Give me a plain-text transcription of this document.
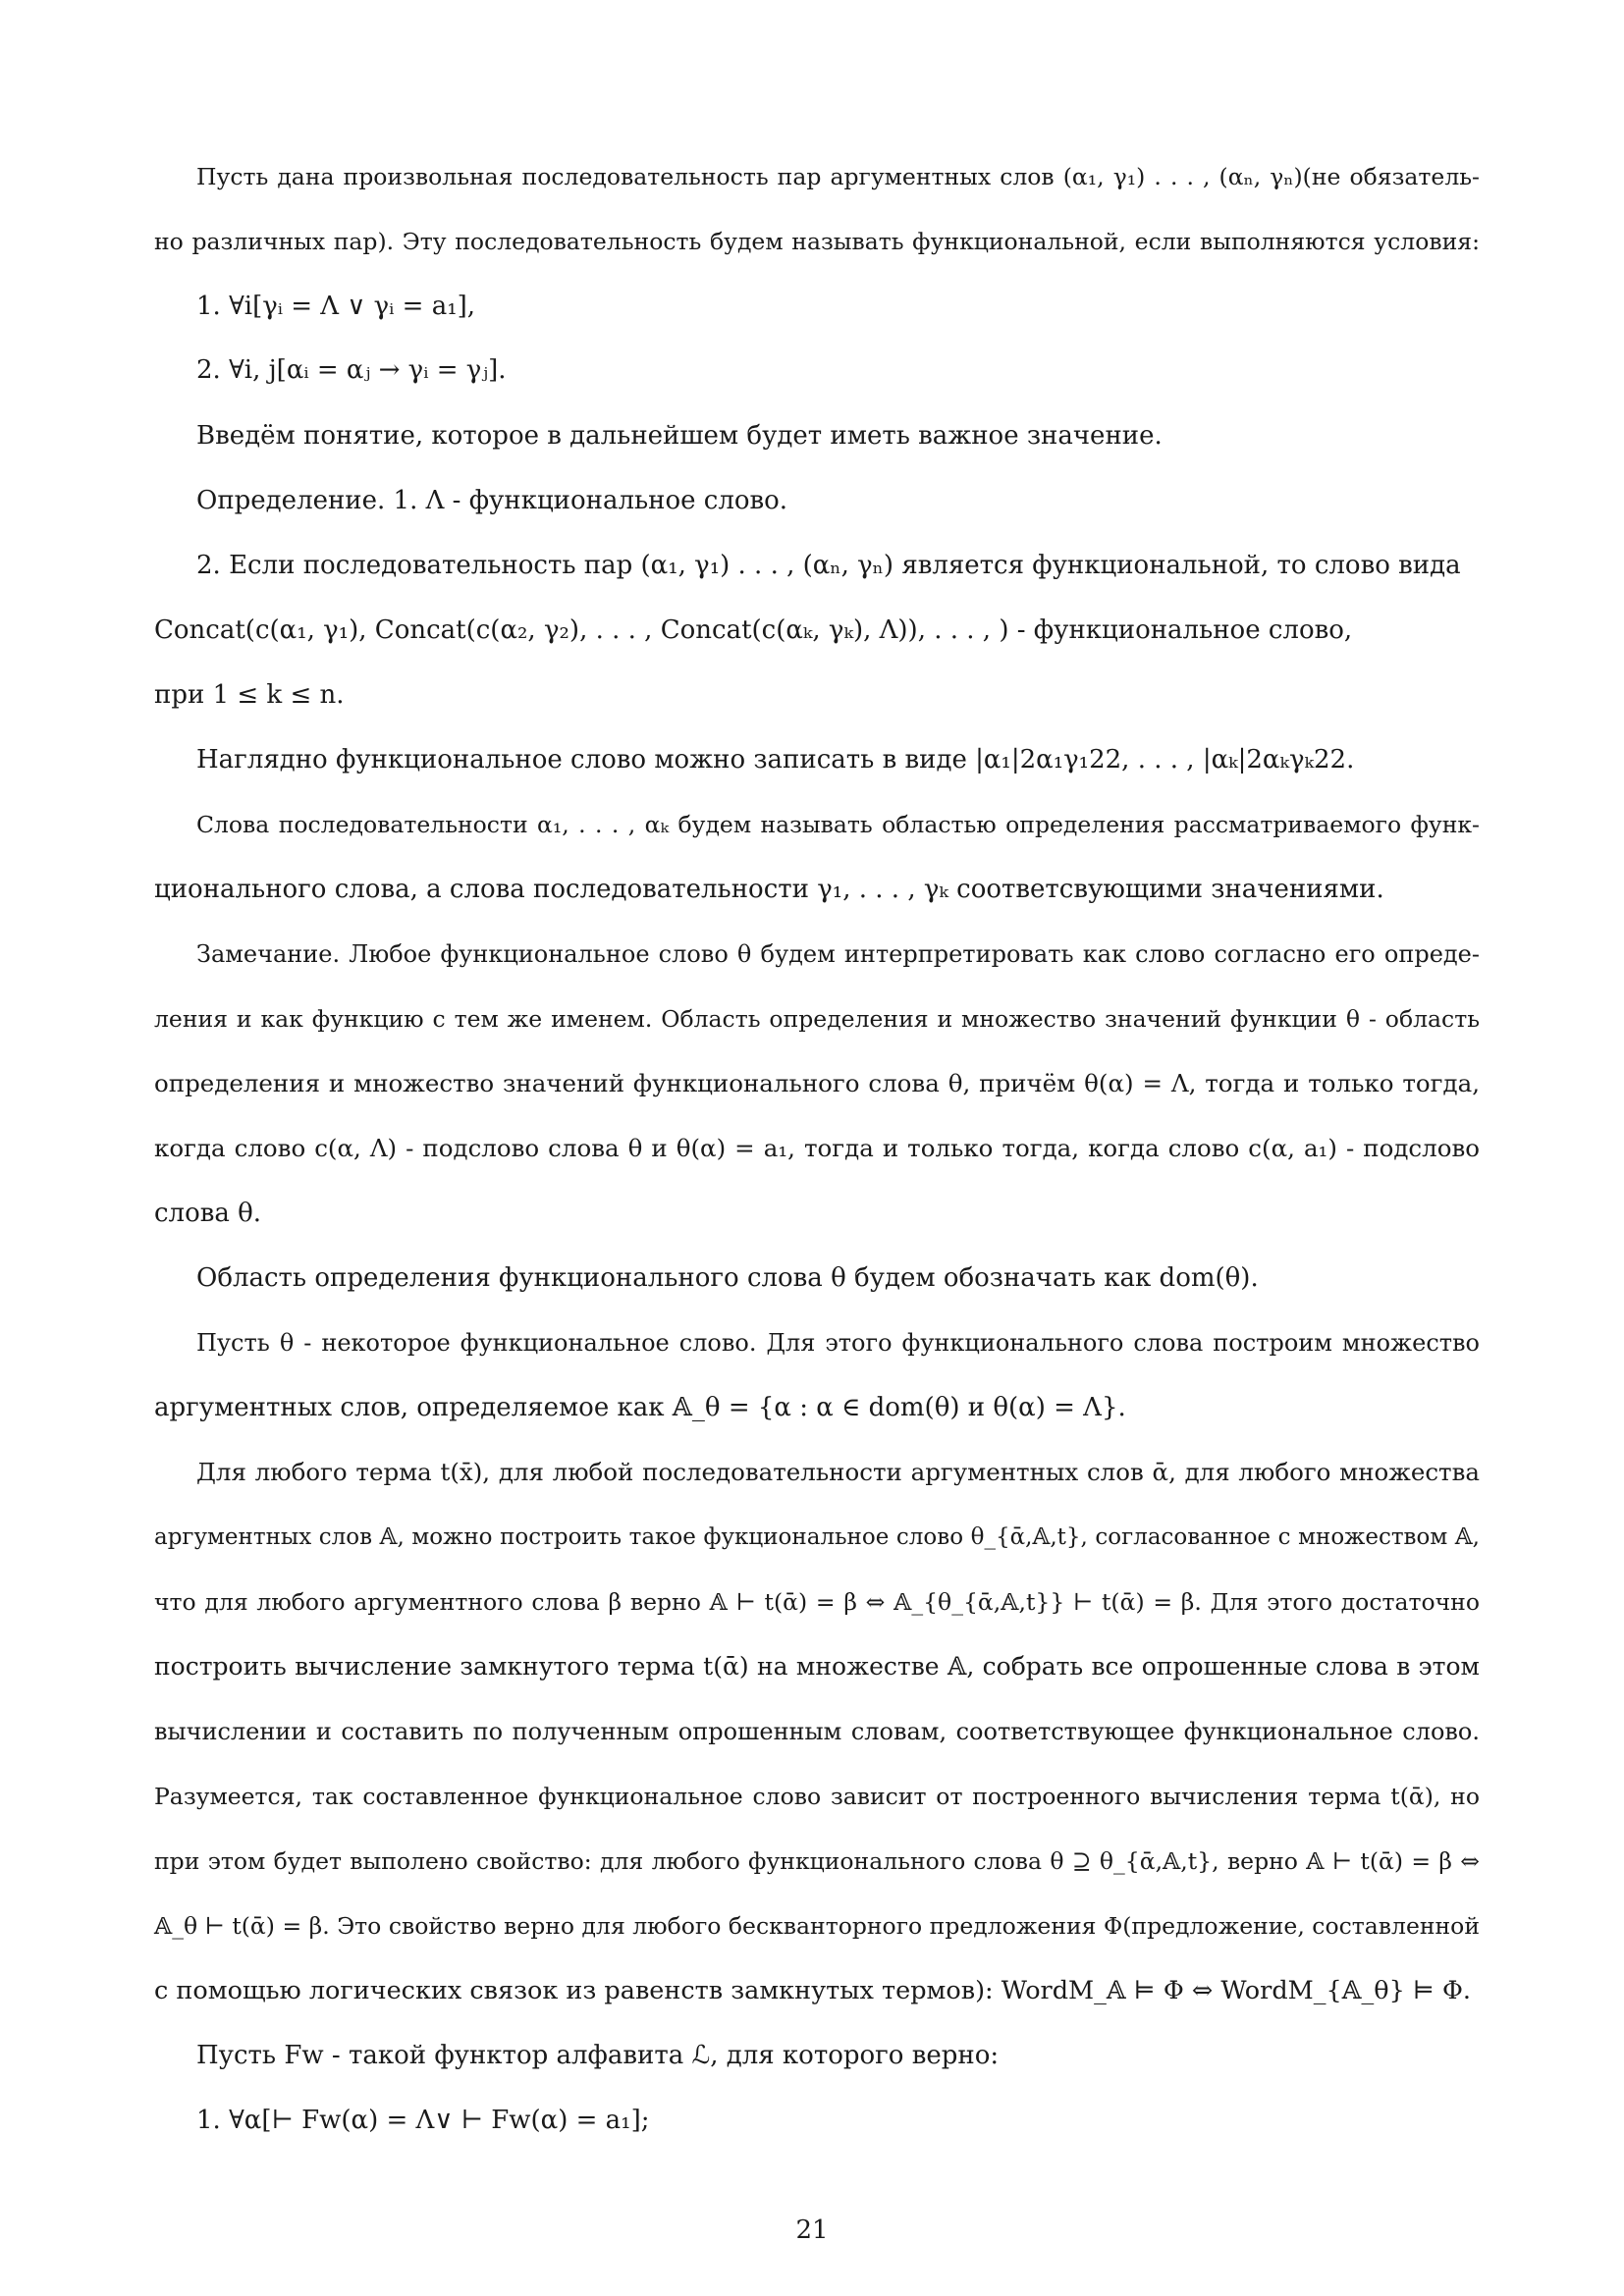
Пусть дана произвольная последовательность пар аргументных слов (α₁, γ₁) . . . , (αₙ, γₙ)(не обязатель-
но различных пар). Эту последовательность будем называть функциональной, если выполняются условия:
1. ∀i[γᵢ = Λ ∨ γᵢ = a₁],
2. ∀i, j[αᵢ = αⱼ → γᵢ = γⱼ].
Введём понятие, которое в дальнейшем будет иметь важное значение.
Определение. 1. Λ - функциональное слово.
2. Если последовательность пар (α₁, γ₁) . . . , (αₙ, γₙ) является функциональной, то слово вида
Concat(c(α₁, γ₁), Concat(c(α₂, γ₂), . . . , Concat(c(αₖ, γₖ), Λ)), . . . , ) - функциональное слово,
при 1 ≤ k ≤ n.
Наглядно функциональное слово можно записать в виде |α₁|2α₁γ₁22, . . . , |αₖ|2αₖγₖ22.
Слова последовательности α₁, . . . , αₖ будем называть областью определения рассматриваемого функ-
ционального слова, а слова последовательности γ₁, . . . , γₖ соответсвующими значениями.
Замечание. Любое функциональное слово θ будем интерпретировать как слово согласно его опреде-
ления и как функцию с тем же именем. Область определения и множество значений функции θ - область
определения и множество значений функционального слова θ, причём θ(α) = Λ, тогда и только тогда,
когда слово c(α, Λ) - подслово слова θ и θ(α) = a₁, тогда и только тогда, когда слово c(α, a₁) - подслово
слова θ.
Область определения функционального слова θ будем обозначать как dom(θ).
Пусть θ - некоторое функциональное слово. Для этого функционального слова построим множество
аргументных слов, определяемое как 𝔸_θ = {α : α ∈ dom(θ) и θ(α) = Λ}.
Для любого терма t(x̄), для любой последовательности аргументных слов ᾱ, для любого множества
аргументных слов 𝔸, можно построить такое фукциональное слово θ_{ᾱ,𝔸,t}, согласованное с множеством 𝔸,
что для любого аргументного слова β верно 𝔸 ⊢ t(ᾱ) = β ⇔ 𝔸_{θ_{ᾱ,𝔸,t}} ⊢ t(ᾱ) = β. Для этого достаточно
построить вычисление замкнутого терма t(ᾱ) на множестве 𝔸, собрать все опрошенные слова в этом
вычислении и составить по полученным опрошенным словам, соответствующее функциональное слово.
Разумеется, так составленное функциональное слово зависит от построенного вычисления терма t(ᾱ), но
при этом будет выполено свойство: для любого функционального слова θ ⊇ θ_{ᾱ,𝔸,t}, верно 𝔸 ⊢ t(ᾱ) = β ⇔
𝔸_θ ⊢ t(ᾱ) = β. Это свойство верно для любого бескванторного предложения Φ(предложение, составленной
с помощью логических связок из равенств замкнутых термов): WordM_𝔸 ⊨ Φ ⇔ WordM_{𝔸_θ} ⊨ Φ.
Пусть Fw - такой функтор алфавита ℒ, для которого верно:
1. ∀α[⊢ Fw(α) = Λ∨ ⊢ Fw(α) = a₁];
21
